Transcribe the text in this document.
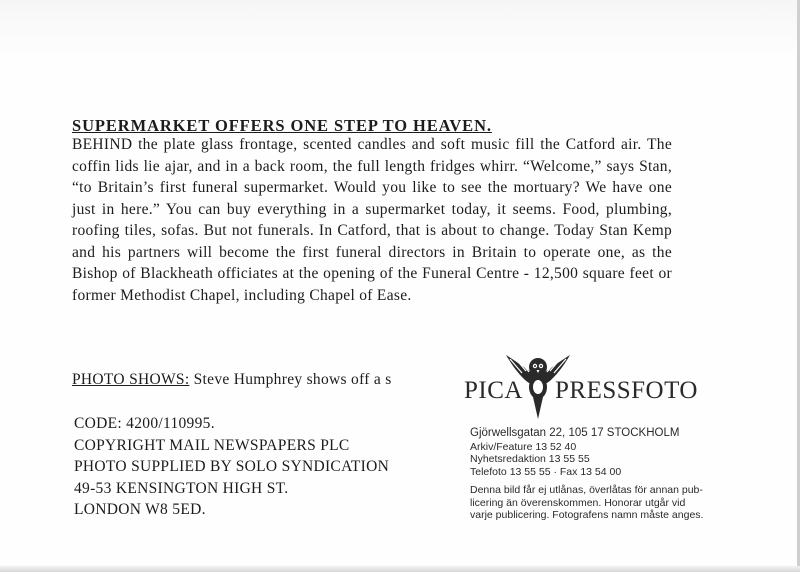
SUPERMARKET OFFERS ONE STEP TO HEAVEN.

BEHIND the plate glass frontage, scented candles and soft music fill the Catford air. The coffin lids lie ajar, and in a back room, the full length fridges whirr. “Welcome,” says Stan, “to Britain’s first funeral supermarket. Would you like to see the mortuary? We have one just in here.” You can buy everything in a supermarket today, it seems. Food, plumbing, roofing tiles, sofas. But not funerals. In Catford, that is about to change. Today Stan Kemp and his partners will become the first funeral directors in Britain to operate one, as the Bishop of Blackheath officiates at the opening of the Funeral Centre - 12,500 square feet or former Methodist Chapel, including Chapel of Ease.

PHOTO SHOWS: Steve Humphrey shows off a s
CODE: 4200/110995.
COPYRIGHT MAIL NEWSPAPERS PLC
PHOTO SUPPLIED BY SOLO SYNDICATION
49-53 KENSINGTON HIGH ST.
LONDON W8 5ED.
PICA PRESSFOTO
Gjörwellsgatan 22, 105 17 STOCKHOLM
Arkiv/Feature 13 52 40
Nyhetsredaktion 13 55 55
Telefoto 13 55 55 · Fax 13 54 00
Denna bild får ej utlånas, överlåtas för annan pub-
licering än överenskommen. Honorar utgår vid
varje publicering. Fotografens namn måste anges.
